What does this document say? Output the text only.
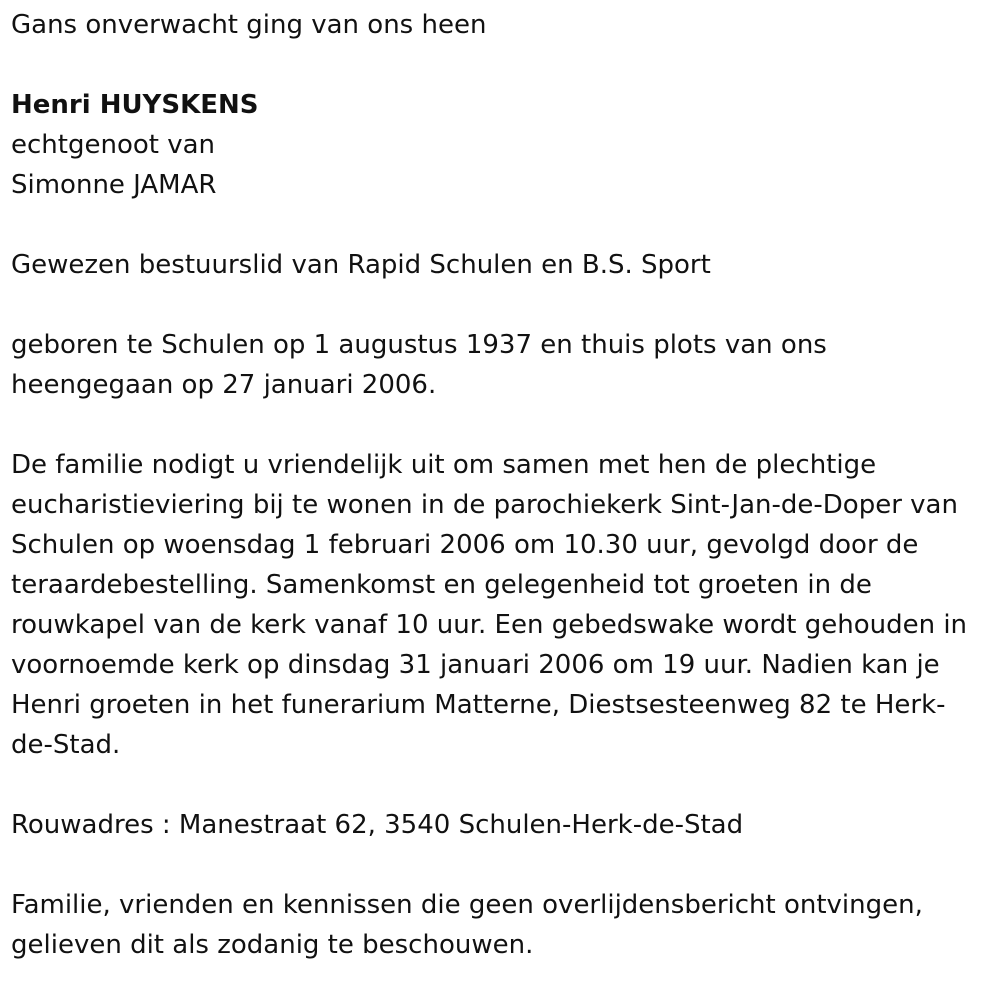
Gans onverwacht ging van ons heen

Henri HUYSKENS

echtgenoot van

Simonne JAMAR

Gewezen bestuurslid van Rapid Schulen en B.S. Sport

geboren te Schulen op 1 augustus 1937 en thuis plots van ons heengegaan op 27 januari 2006.

De familie nodigt u vriendelijk uit om samen met hen de plechtige eucharistieviering bij te wonen in de parochiekerk Sint-Jan-de-Doper van Schulen op woensdag 1 februari 2006 om 10.30 uur, gevolgd door de teraardebestelling. Samenkomst en gelegenheid tot groeten in de rouwkapel van de kerk vanaf 10 uur. Een gebedswake wordt gehouden in voornoemde kerk op dinsdag 31 januari 2006 om 19 uur. Nadien kan je Henri groeten in het funerarium Matterne, Diestsesteenweg 82 te Herk-de-Stad.

Rouwadres : Manestraat 62, 3540 Schulen-Herk-de-Stad

Familie, vrienden en kennissen die geen overlijdensbericht ontvingen, gelieven dit als zodanig te beschouwen.
